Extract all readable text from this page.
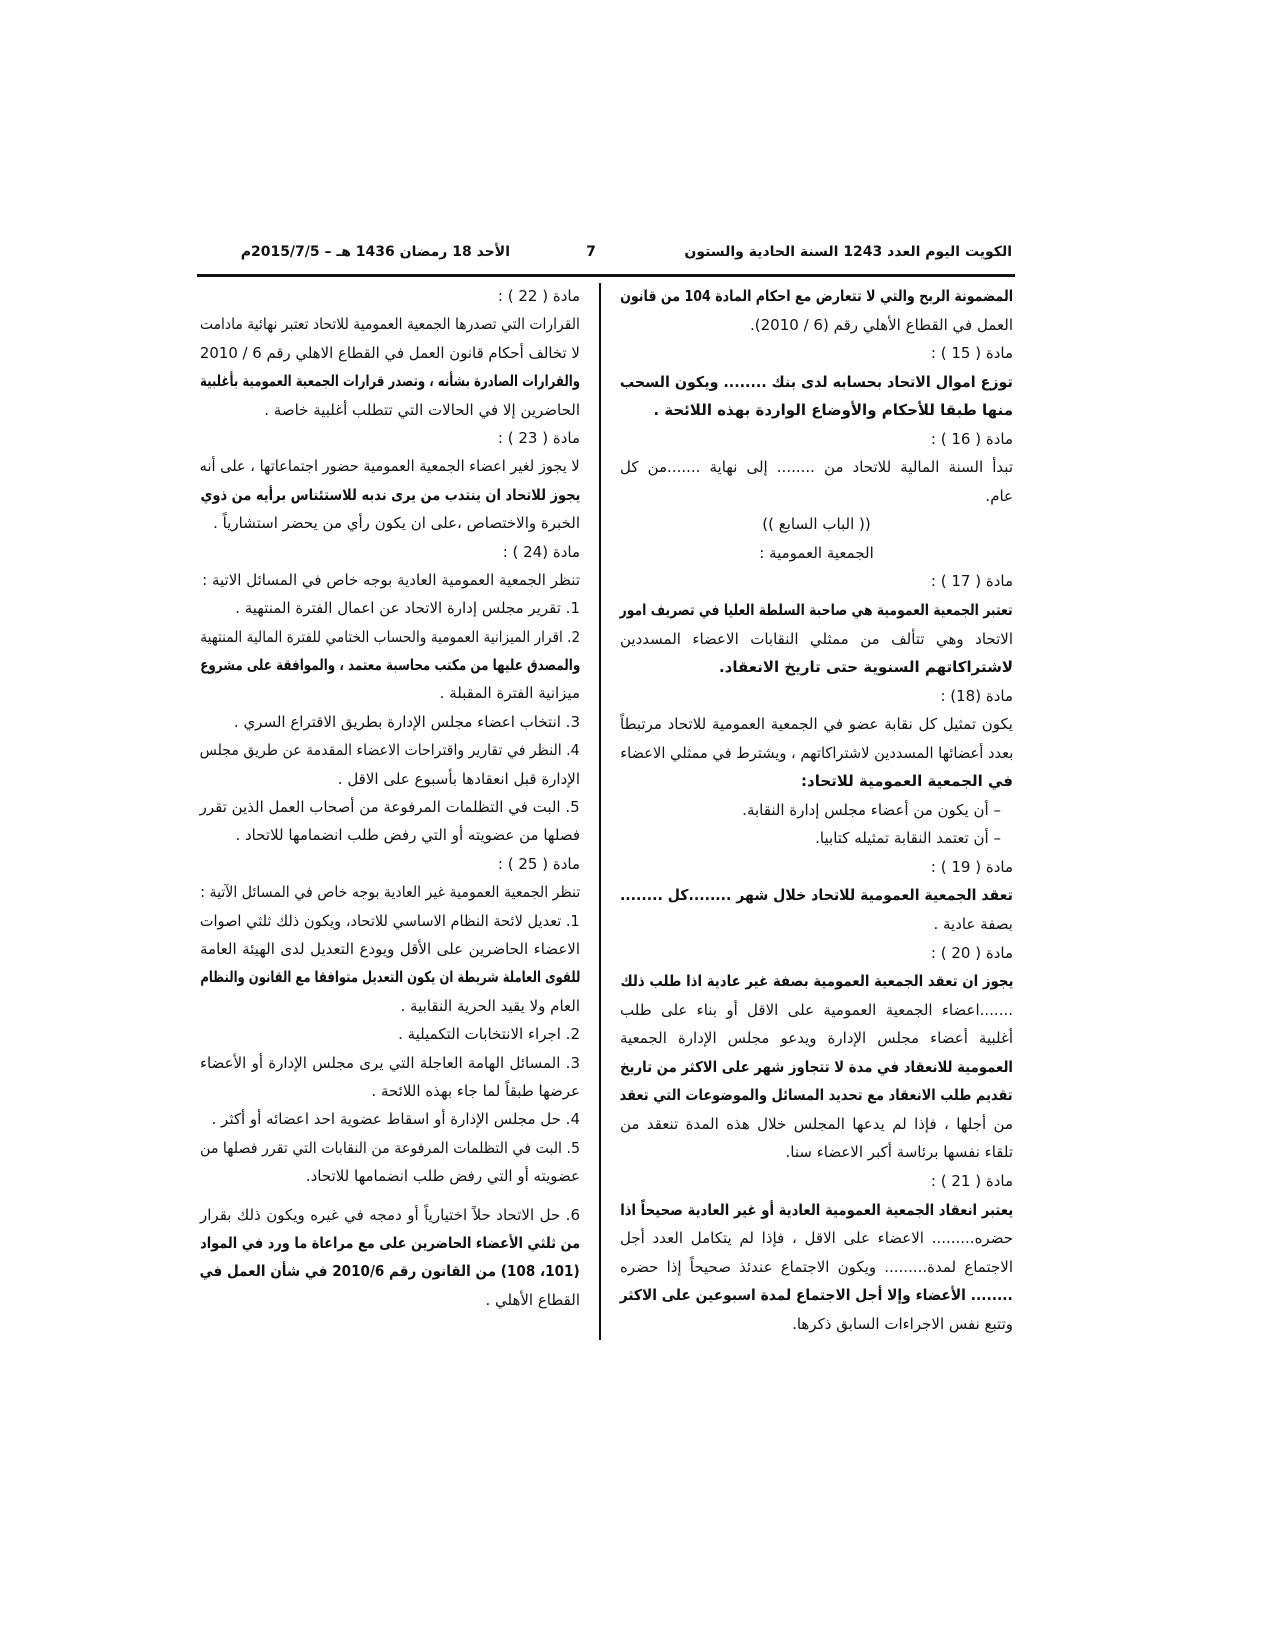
الكويت اليوم العدد 1243 السنة الحادية والستون
7
الأحد 18 رمضان 1436 هـ – 2015/7/5م
المضمونة الربح والتي لا تتعارض مع احكام المادة 104 من قانون
العمل في القطاع الأهلي رقم (6 / 2010).
مادة ( 15 ) :
توزع اموال الاتحاد بحسابه لدى بنك ........ ويكون السحب
منها طبقا للأحكام والأوضاع الواردة بهذه اللائحة .
مادة ( 16 ) :
تبدأ السنة المالية للاتحاد من ........ إلى نهاية .......من كل
عام.
(( الباب السابع ))
الجمعية العمومية :
مادة ( 17 ) :
تعتبر الجمعية العمومية هي صاحبة السلطة العليا في تصريف امور
الاتحاد وهي تتألف من ممثلي النقابات الاعضاء المسددين
لاشتراكاتهم السنوية حتى تاريخ الانعقاد.
مادة (18) :
يكون تمثيل كل نقابة عضو في الجمعية العمومية للاتحاد مرتبطاً
بعدد أعضائها المسددين لاشتراكاتهم ، ويشترط في ممثلي الاعضاء
في الجمعية العمومية للاتحاد:
– أن يكون من أعضاء مجلس إدارة النقابة.
– أن تعتمد النقابة تمثيله كتابيا.
مادة ( 19 ) :
تعقد الجمعية العمومية للاتحاد خلال شهر ........كل ........
بصفة عادية .
مادة ( 20 ) :
يجوز ان تعقد الجمعية العمومية بصفة غير عادية اذا طلب ذلك
.......اعضاء الجمعية العمومية على الاقل أو بناء على طلب
أغلبية أعضاء مجلس الإدارة ويدعو مجلس الإدارة الجمعية
العمومية للانعقاد في مدة لا تتجاوز شهر على الاكثر من تاريخ
تقديم طلب الانعقاد مع تحديد المسائل والموضوعات التي تعقد
من أجلها ، فإذا لم يدعها المجلس خلال هذه المدة تنعقد من
تلقاء نفسها برئاسة أكبر الاعضاء سنا.
مادة ( 21 ) :
يعتبر انعقاد الجمعية العمومية العادية أو غير العادية صحيحاً اذا
حضره......... الاعضاء على الاقل ، فإذا لم يتكامل العدد أجل
الاجتماع لمدة......... ويكون الاجتماع عندئذ صحيحاً إذا حضره
........ الأعضاء وإلا أجل الاجتماع لمدة اسبوعين على الاكثر
وتتبع نفس الاجراءات السابق ذكرها.
مادة ( 22 ) :
القرارات التي تصدرها الجمعية العمومية للاتحاد تعتبر نهائية مادامت
لا تخالف أحكام قانون العمل في القطاع الاهلي رقم 6 / 2010
والقرارات الصادرة بشأنه ، وتصدر قرارات الجمعية العمومية بأغلبية
الحاضرين إلا في الحالات التي تتطلب أغلبية خاصة .
مادة ( 23 ) :
لا يجوز لغير اعضاء الجمعية العمومية حضور اجتماعاتها ، على أنه
يجوز للاتحاد ان ينتدب من يرى ندبه للاستئناس برأيه من ذوي
الخبرة والاختصاص ،على ان يكون رأي من يحضر استشارياً .
مادة (24 ) :
تنظر الجمعية العمومية العادية بوجه خاص في المسائل الاتية :
1. تقرير مجلس إدارة الاتحاد عن اعمال الفترة المنتهية .
2. اقرار الميزانية العمومية والحساب الختامي للفترة المالية المنتهية
والمصدق عليها من مكتب محاسبة معتمد ، والموافقة على مشروع
ميزانية الفترة المقبلة .
3. انتخاب اعضاء مجلس الإدارة بطريق الاقتراع السري .
4. النظر في تقارير واقتراحات الاعضاء المقدمة عن طريق مجلس
الإدارة قبل انعقادها بأسبوع على الاقل .
5. البت في التظلمات المرفوعة من أصحاب العمل الذين تقرر
فصلها من عضويته أو التي رفض طلب انضمامها للاتحاد .
مادة ( 25 ) :
تنظر الجمعية العمومية غير العادية بوجه خاص في المسائل الآتية :
1. تعديل لائحة النظام الاساسي للاتحاد، ويكون ذلك ثلثي اصوات
الاعضاء الحاضرين على الأقل ويودع التعديل لدى الهيئة العامة
للقوى العاملة شريطة ان يكون التعديل متوافقا مع القانون والنظام
العام ولا يقيد الحرية النقابية .
2. اجراء الانتخابات التكميلية .
3. المسائل الهامة العاجلة التي يرى مجلس الإدارة أو الأعضاء
عرضها طبقاً لما جاء بهذه اللائحة .
4. حل مجلس الإدارة أو اسقاط عضوية احد اعضائه أو أكثر .
5. البت في التظلمات المرفوعة من النقابات التي تقرر فصلها من
عضويته أو التي رفض طلب انضمامها للاتحاد.
6. حل الاتحاد حلاً اختيارياً أو دمجه في غيره ويكون ذلك بقرار
من ثلثي الأعضاء الحاضرين على مع مراعاة ما ورد في المواد
(101، 108) من القانون رقم 2010/6 في شأن العمل في
القطاع الأهلي .
